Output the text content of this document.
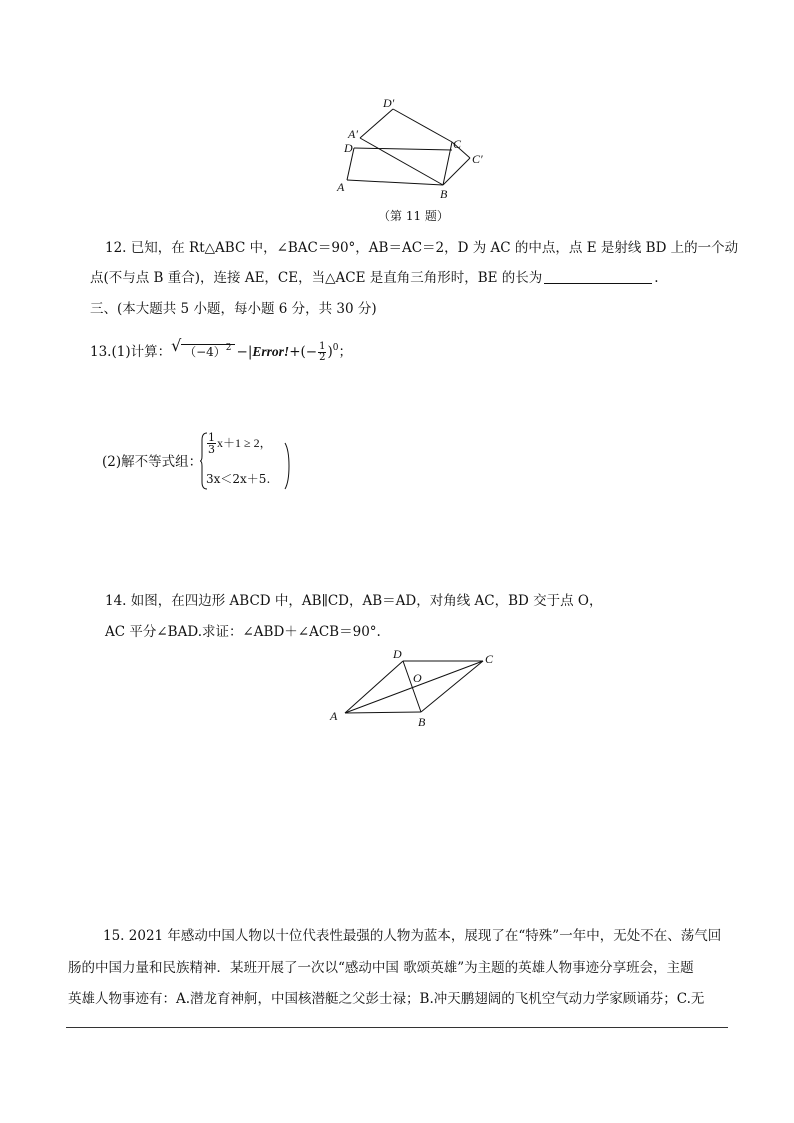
D′
A′
D
A
C
C′
B
（第 11 题）
12. 已知，在 Rt△ABC 中，∠BAC＝90°，AB＝AC＝2，D 为 AC 的中点，点 E 是射线 BD 上的一个动
点(不与点 B 重合)，连接 AE，CE，当△ACE 是直角三角形时，BE 的长为	.
三、(本大题共 5 小题，每小题 6 分，共 30 分)
13.(1)计算： √ $(-4)^2$ −|Error!+(− $\frac{1}{2} )^0$；
(2)解不等式组：
$\frac{1}{3} x+1 \ge 2$，
3x＜2x＋5.
14. 如图，在四边形 ABCD 中，AB∥CD，AB＝AD，对角线 AC，BD 交于点 O，
AC 平分∠BAD.求证：∠ABD＋∠ACB＝90°.
D	C
O
A	B
15. 2021 年感动中国人物以十位代表性最强的人物为蓝本，展现了在“特殊”一年中，无处不在、荡气回
肠的中国力量和民族精神．某班开展了一次以“感动中国 歌颂英雄”为主题的英雄人物事迹分享班会，主题
英雄人物事迹有：A.潜龙育神舸，中国核潜艇之父彭士禄；B.冲天鹏翅阔的飞机空气动力学家顾诵芬；C.无
